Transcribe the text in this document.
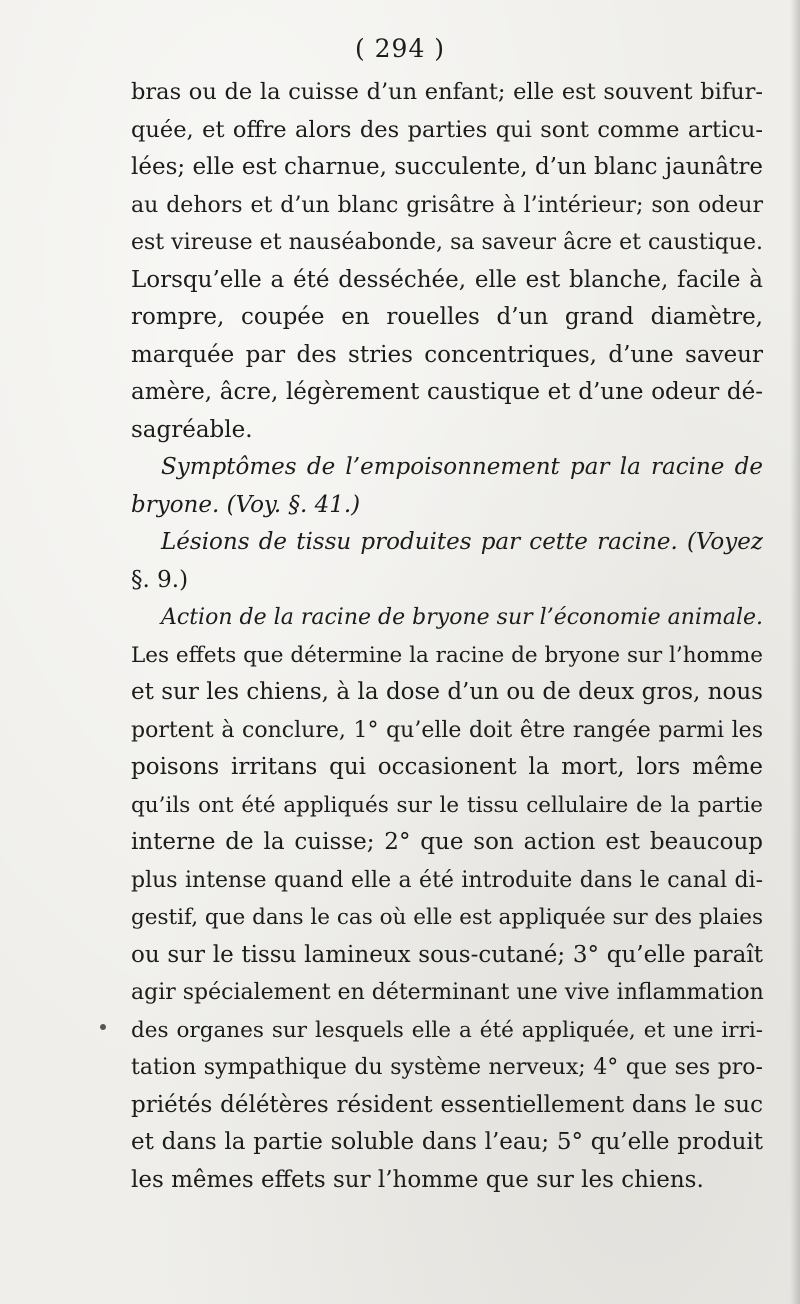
( 294 )
bras ou de la cuisse d’un enfant; elle est souvent bifur-
quée, et offre alors des parties qui sont comme articu-
lées; elle est charnue, succulente, d’un blanc jaunâtre
au dehors et d’un blanc grisâtre à l’intérieur; son odeur
est vireuse et nauséabonde, sa saveur âcre et caustique.
Lorsqu’elle a été desséchée, elle est blanche, facile à
rompre, coupée en rouelles d’un grand diamètre,
marquée par des stries concentriques, d’une saveur
amère, âcre, légèrement caustique et d’une odeur dé-
sagréable.
Symptômes de l’empoisonnement par la racine de
bryone. (Voy. §. 41.)
Lésions de tissu produites par cette racine. (Voyez
§. 9.)
Action de la racine de bryone sur l’économie animale.
Les effets que détermine la racine de bryone sur l’homme
et sur les chiens, à la dose d’un ou de deux gros, nous
portent à conclure, 1° qu’elle doit être rangée parmi les
poisons irritans qui occasionent la mort, lors même
qu’ils ont été appliqués sur le tissu cellulaire de la partie
interne de la cuisse; 2° que son action est beaucoup
plus intense quand elle a été introduite dans le canal di-
gestif, que dans le cas où elle est appliquée sur des plaies
ou sur le tissu lamineux sous-cutané; 3° qu’elle paraît
agir spécialement en déterminant une vive inflammation
des organes sur lesquels elle a été appliquée, et une irri-
tation sympathique du système nerveux; 4° que ses pro-
priétés délétères résident essentiellement dans le suc
et dans la partie soluble dans l’eau; 5° qu’elle produit
les mêmes effets sur l’homme que sur les chiens.
